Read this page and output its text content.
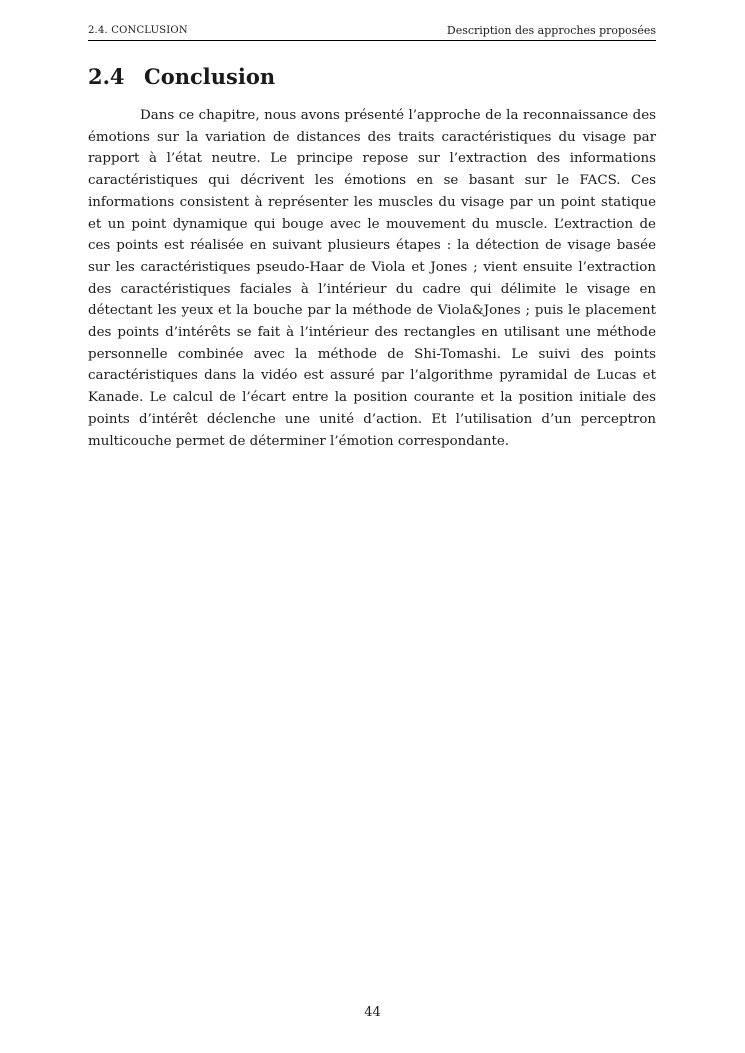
2.4. CONCLUSION	Description des approches proposées
2.4 Conclusion

Dans ce chapitre, nous avons présenté l’approche de la reconnaissance des émotions sur la variation de distances des traits caractéristiques du visage par rapport à l’état neutre. Le principe repose sur l’extraction des informations caractéristiques qui décrivent les émotions en se basant sur le FACS. Ces informations consistent à représenter les muscles du visage par un point statique et un point dynamique qui bouge avec le mouvement du muscle. L’extraction de ces points est réalisée en suivant plusieurs étapes : la détection de visage basée sur les caractéristiques pseudo-Haar de Viola et Jones ; vient ensuite l’extraction des caractéristiques faciales à l’intérieur du cadre qui délimite le visage en détectant les yeux et la bouche par la méthode de Viola&Jones ; puis le placement des points d’intérêts se fait à l’intérieur des rectangles en utilisant une méthode personnelle combinée avec la méthode de Shi-Tomashi. Le suivi des points caractéristiques dans la vidéo est assuré par l’algorithme pyramidal de Lucas et Kanade. Le calcul de l’écart entre la position courante et la position initiale des points d’intérêt déclenche une unité d’action. Et l’utilisation d’un perceptron multicouche permet de déterminer l’émotion correspondante.

44
